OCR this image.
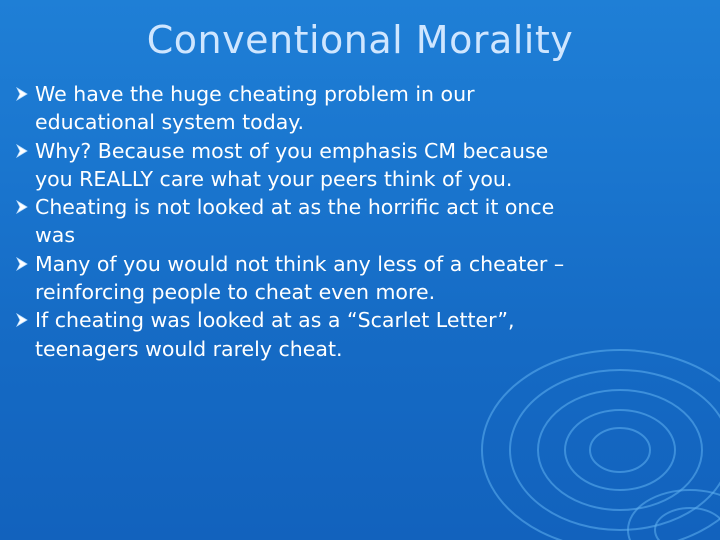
Conventional Morality
We have the huge cheating problem in our
educational system today.
Why? Because most of you emphasis CM because
you REALLY care what your peers think of you.
Cheating is not looked at as the horrific act it once
was
Many of you would not think any less of a cheater –
reinforcing people to cheat even more.
If cheating was looked at as a “Scarlet Letter”,
teenagers would rarely cheat.
